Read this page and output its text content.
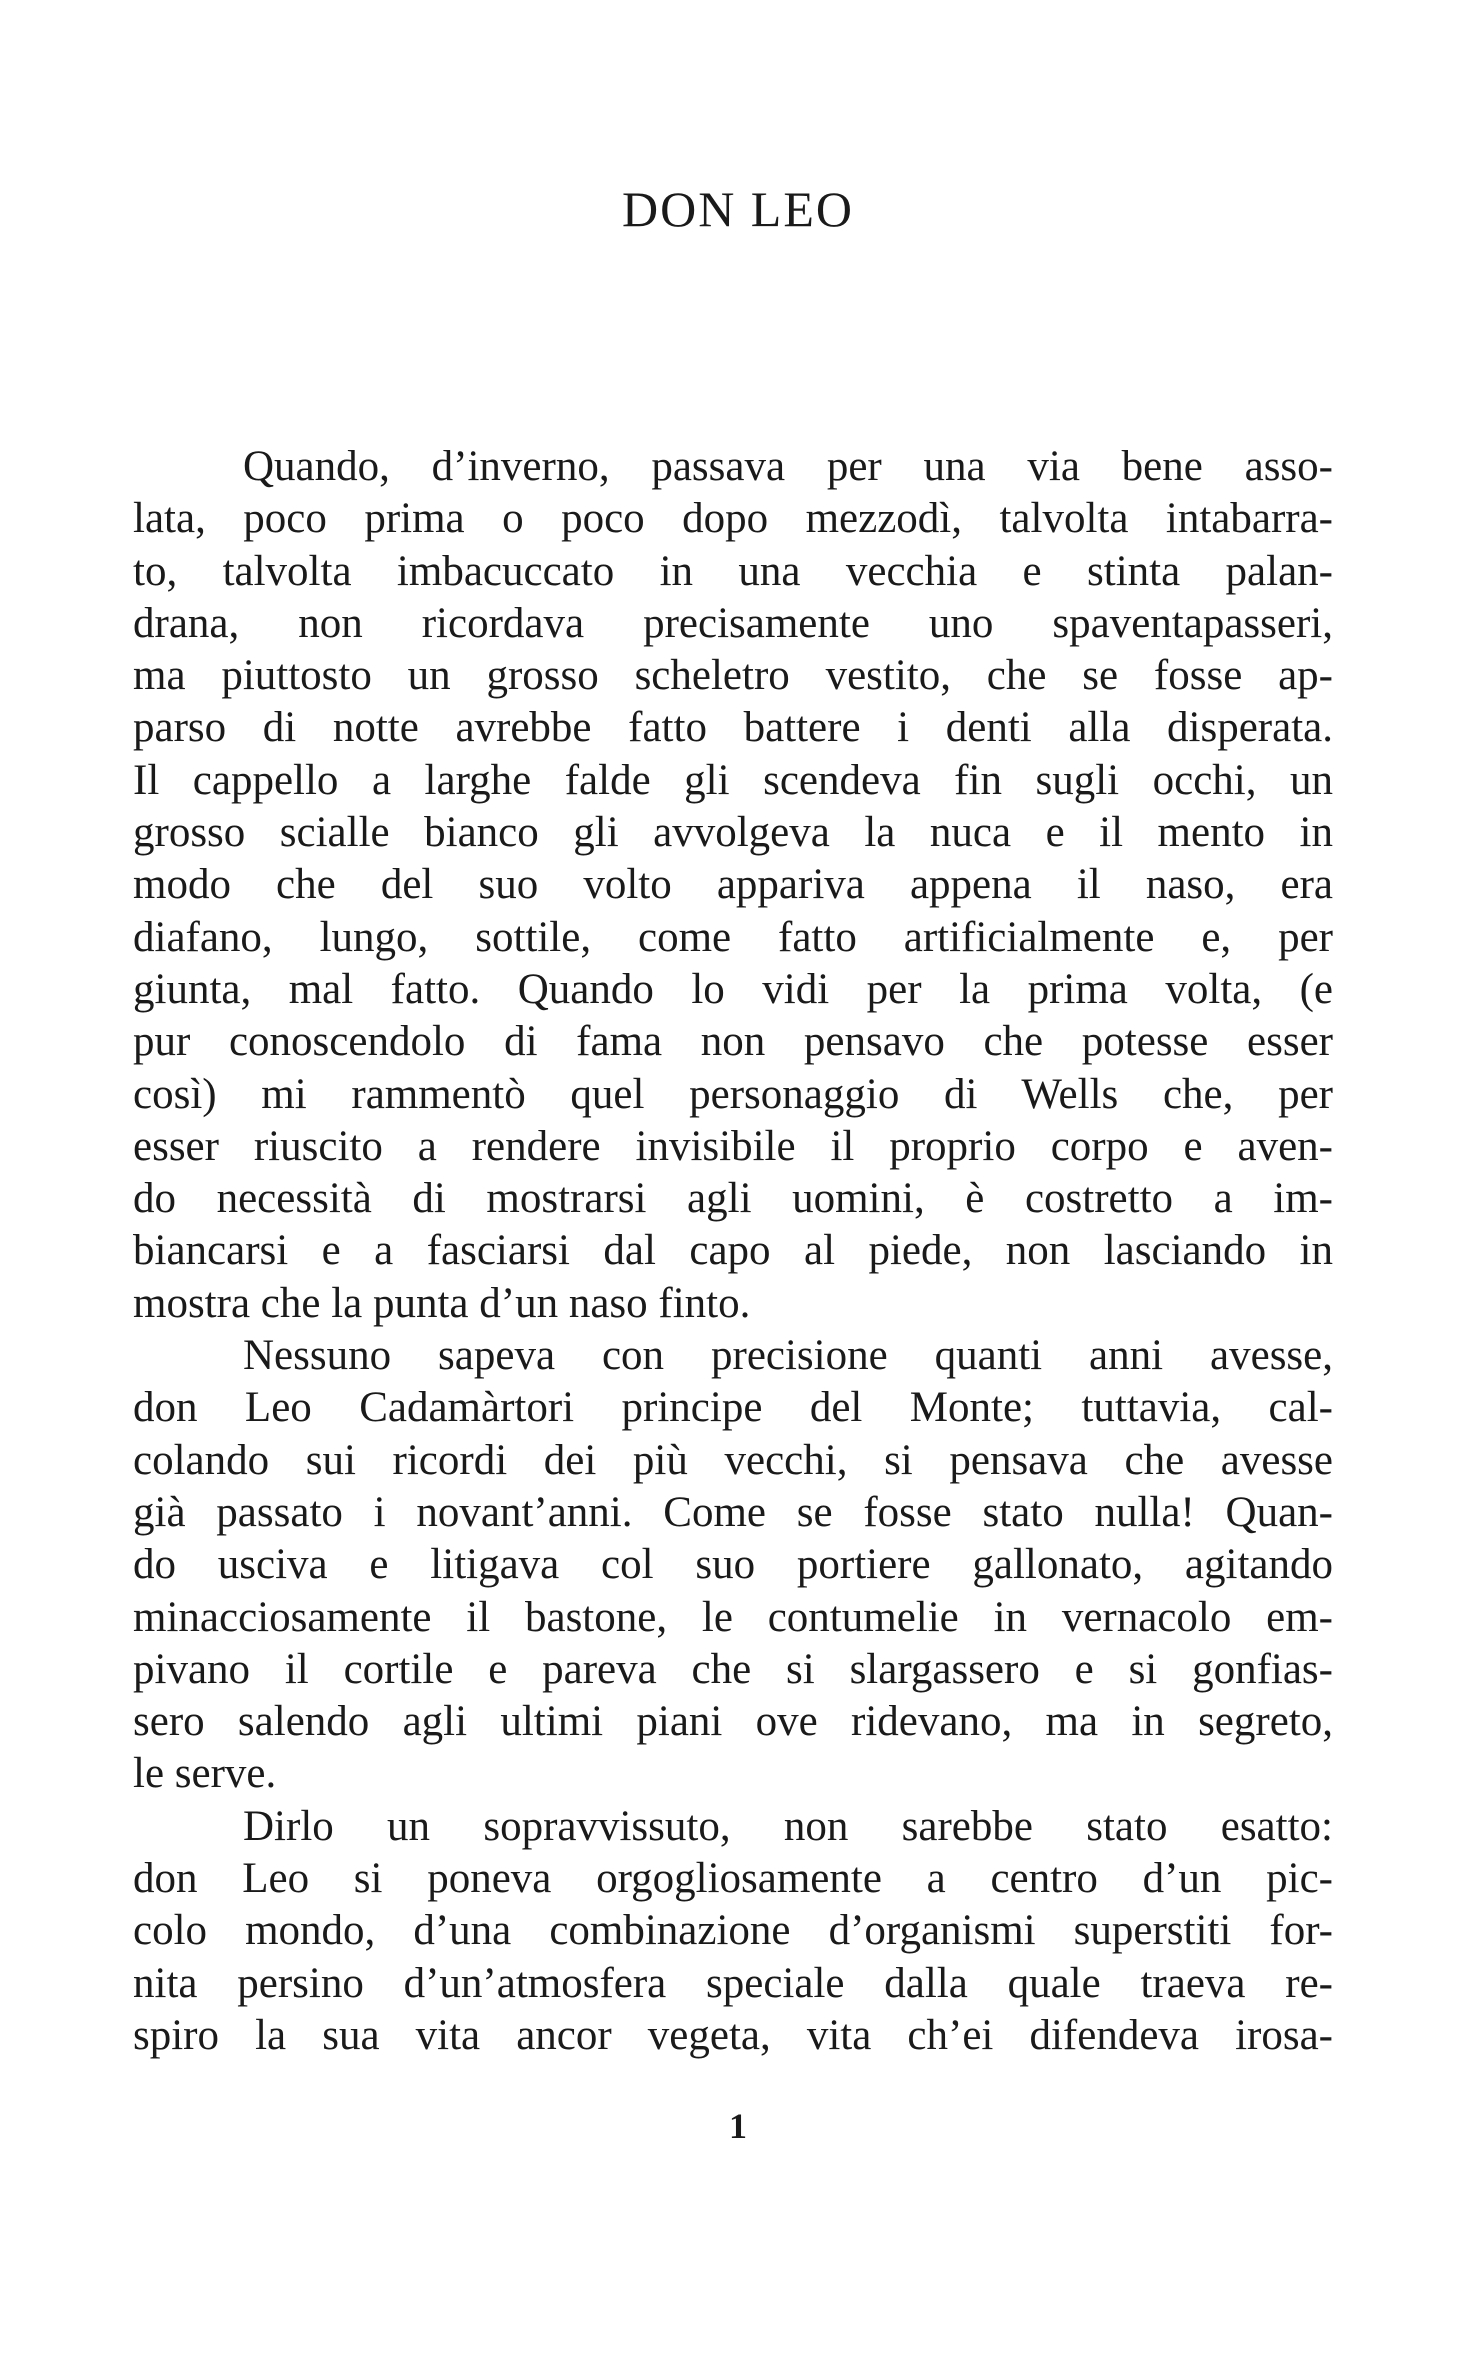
DON LEO
Quando, d’inverno, passava per una via bene asso-
lata, poco prima o poco dopo mezzodì, talvolta intabarra-
to, talvolta imbacuccato in una vecchia e stinta palan-
drana, non ricordava precisamente uno spaventapasseri,
ma piuttosto un grosso scheletro vestito, che se fosse ap-
parso di notte avrebbe fatto battere i denti alla disperata.
Il cappello a larghe falde gli scendeva fin sugli occhi, un
grosso scialle bianco gli avvolgeva la nuca e il mento in
modo che del suo volto appariva appena il naso, era
diafano, lungo, sottile, come fatto artificialmente e, per
giunta, mal fatto. Quando lo vidi per la prima volta, (e
pur conoscendolo di fama non pensavo che potesse esser
così) mi rammentò quel personaggio di Wells che, per
esser riuscito a rendere invisibile il proprio corpo e aven-
do necessità di mostrarsi agli uomini, è costretto a im-
biancarsi e a fasciarsi dal capo al piede, non lasciando in
mostra che la punta d’un naso finto.
Nessuno sapeva con precisione quanti anni avesse,
don Leo Cadamàrtori principe del Monte; tuttavia, cal-
colando sui ricordi dei più vecchi, si pensava che avesse
già passato i novant’anni. Come se fosse stato nulla! Quan-
do usciva e litigava col suo portiere gallonato, agitando
minacciosamente il bastone, le contumelie in vernacolo em-
pivano il cortile e pareva che si slargassero e si gonfias-
sero salendo agli ultimi piani ove ridevano, ma in segreto,
le serve.
Dirlo un sopravvissuto, non sarebbe stato esatto:
don Leo si poneva orgogliosamente a centro d’un pic-
colo mondo, d’una combinazione d’organismi superstiti for-
nita persino d’un’atmosfera speciale dalla quale traeva re-
spiro la sua vita ancor vegeta, vita ch’ei difendeva irosa-
1
